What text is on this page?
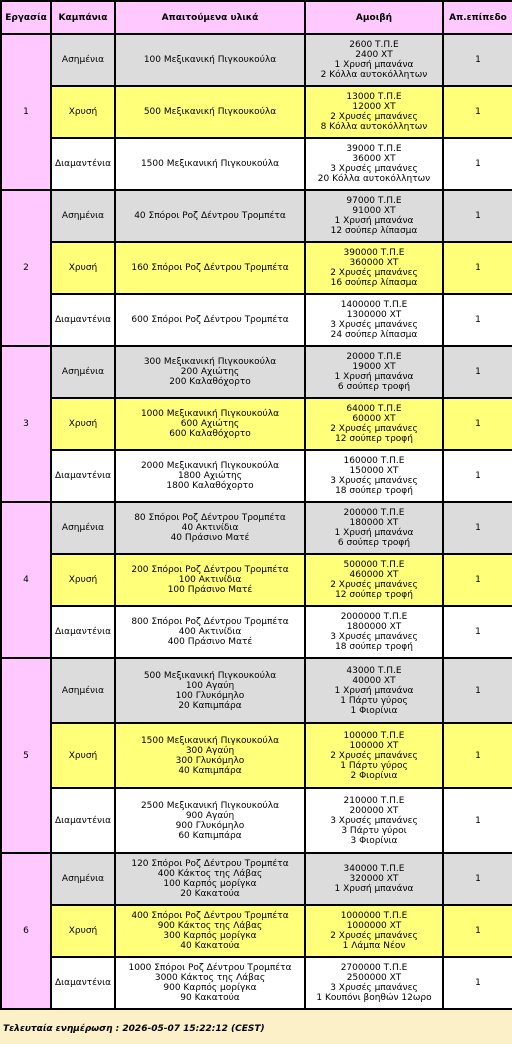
Εργασία	Καμπάνια	Απαιτούμενα υλικά	Αμοιβή	Απ.επίπεδο
1	Ασημένια	100 Μεξικανική Πιγκουκούλα	2600 Τ.Π.Ε
2400 ΧΤ
1 Χρυσή μπανάνα
2 Κόλλα αυτοκόλλητων	1
	Χρυσή	500 Μεξικανική Πιγκουκούλα	13000 Τ.Π.Ε
12000 ΧΤ
2 Χρυσές μπανάνες
8 Κόλλα αυτοκόλλητων	1
	Διαμαντένια	1500 Μεξικανική Πιγκουκούλα	39000 Τ.Π.Ε
36000 ΧΤ
3 Χρυσές μπανάνες
20 Κόλλα αυτοκόλλητων	1
2	Ασημένια	40 Σπόροι Ροζ Δέντρου Τρομπέτα	97000 Τ.Π.Ε
91000 ΧΤ
1 Χρυσή μπανάνα
12 σούπερ λίπασμα	1
	Χρυσή	160 Σπόροι Ροζ Δέντρου Τρομπέτα	390000 Τ.Π.Ε
360000 ΧΤ
2 Χρυσές μπανάνες
16 σούπερ λίπασμα	1
	Διαμαντένια	600 Σπόροι Ροζ Δέντρου Τρομπέτα	1400000 Τ.Π.Ε
1300000 ΧΤ
3 Χρυσές μπανάνες
24 σούπερ λίπασμα	1
3	Ασημένια	300 Μεξικανική Πιγκουκούλα
200 Αχιώτης
200 Καλαθόχορτο	20000 Τ.Π.Ε
19000 ΧΤ
1 Χρυσή μπανάνα
6 σούπερ τροφή	1
	Χρυσή	1000 Μεξικανική Πιγκουκούλα
600 Αχιώτης
600 Καλαθόχορτο	64000 Τ.Π.Ε
60000 ΧΤ
2 Χρυσές μπανάνες
12 σούπερ τροφή	1
	Διαμαντένια	2000 Μεξικανική Πιγκουκούλα
1800 Αχιώτης
1800 Καλαθόχορτο	160000 Τ.Π.Ε
150000 ΧΤ
3 Χρυσές μπανάνες
18 σούπερ τροφή	1
4	Ασημένια	80 Σπόροι Ροζ Δέντρου Τρομπέτα
40 Ακτινίδια
40 Πράσινο Ματέ	200000 Τ.Π.Ε
180000 ΧΤ
1 Χρυσή μπανάνα
6 σούπερ τροφή	1
	Χρυσή	200 Σπόροι Ροζ Δέντρου Τρομπέτα
100 Ακτινίδια
100 Πράσινο Ματέ	500000 Τ.Π.Ε
460000 ΧΤ
2 Χρυσές μπανάνες
12 σούπερ τροφή	1
	Διαμαντένια	800 Σπόροι Ροζ Δέντρου Τρομπέτα
400 Ακτινίδια
400 Πράσινο Ματέ	2000000 Τ.Π.Ε
1800000 ΧΤ
3 Χρυσές μπανάνες
18 σούπερ τροφή	1
5	Ασημένια	500 Μεξικανική Πιγκουκούλα
100 Αγαύη
100 Γλυκόμηλο
20 Καπιμπάρα	43000 Τ.Π.Ε
40000 ΧΤ
1 Χρυσή μπανάνα
1 Πάρτυ γύρος
1 Φιορίνια	1
	Χρυσή	1500 Μεξικανική Πιγκουκούλα
300 Αγαύη
300 Γλυκόμηλο
40 Καπιμπάρα	100000 Τ.Π.Ε
100000 ΧΤ
2 Χρυσές μπανάνες
1 Πάρτυ γύρος
2 Φιορίνια	1
	Διαμαντένια	2500 Μεξικανική Πιγκουκούλα
900 Αγαύη
900 Γλυκόμηλο
60 Καπιμπάρα	210000 Τ.Π.Ε
200000 ΧΤ
3 Χρυσές μπανάνες
3 Πάρτυ γύροι
3 Φιορίνια	1
6	Ασημένια	120 Σπόροι Ροζ Δέντρου Τρομπέτα
400 Κάκτος της Λάβας
100 Καρπός μορίγκα
20 Κακατούα	340000 Τ.Π.Ε
320000 ΧΤ
1 Χρυσή μπανάνα	1
	Χρυσή	400 Σπόροι Ροζ Δέντρου Τρομπέτα
900 Κάκτος της Λάβας
300 Καρπός μορίγκα
40 Κακατούα	1000000 Τ.Π.Ε
1000000 ΧΤ
2 Χρυσές μπανάνες
1 Λάμπα Νέον	1
	Διαμαντένια	1000 Σπόροι Ροζ Δέντρου Τρομπέτα
3000 Κάκτος της Λάβας
900 Καρπός μορίγκα
90 Κακατούα	2700000 Τ.Π.Ε
2500000 ΧΤ
3 Χρυσές μπανάνες
1 Κουπόνι βοηθών 12ωρο	1
Τελευταία ενημέρωση : 2026-05-07 15:22:12 (CEST)
